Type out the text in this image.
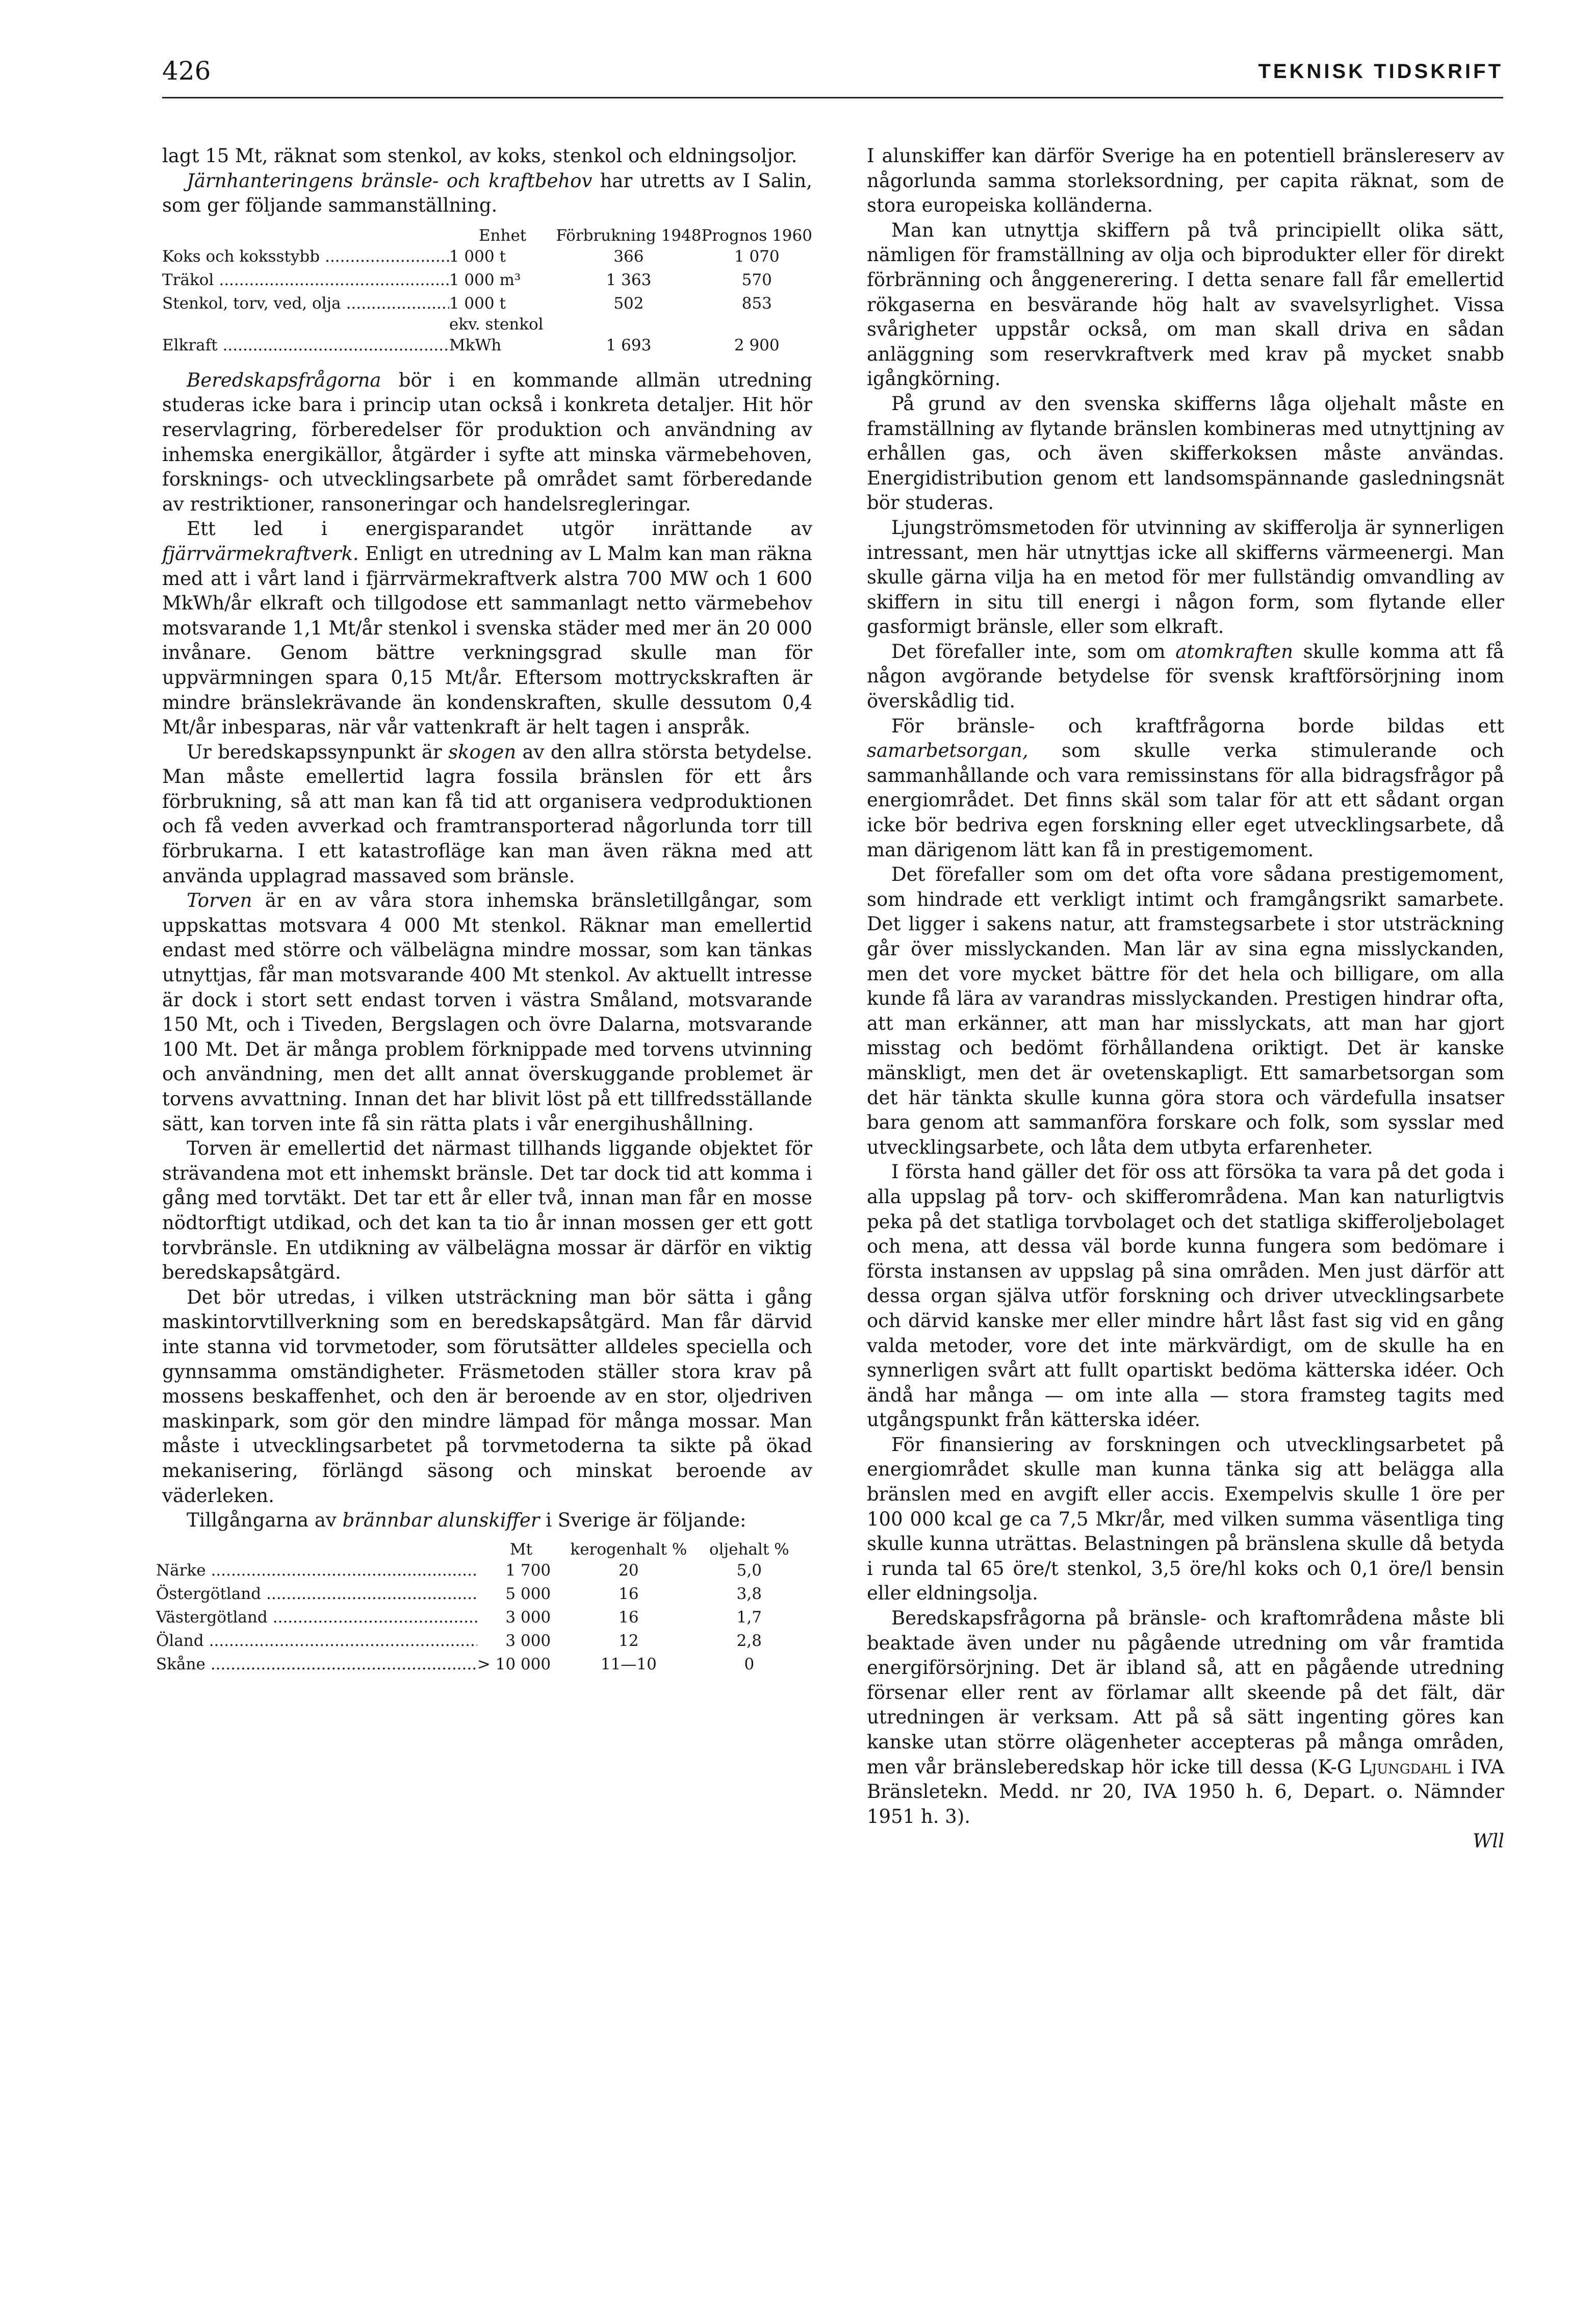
426	TEKNISK TIDSKRIFT

lagt 15 Mt, räknat som stenkol, av koks, stenkol och eldningsoljor.

Järnhanteringens bränsle- och kraftbehov har utretts av I Salin, som ger följande sammanställning.

	Enhet	Förbrukning 1948	Prognos 1960
Koks och koksstybb .....	1 000 t	366	1 070
Träkol .....	1 000 m³	1 363	570
Stenkol, torv, ved, olja .....	1 000 t	502	853
	ekv. stenkol		
Elkraft .....	MkWh	1 693	2 900

Beredskapsfrågorna bör i en kommande allmän utredning studeras icke bara i princip utan också i konkreta detaljer. Hit hör reservlagring, förberedelser för produktion och användning av inhemska energikällor, åtgärder i syfte att minska värmebehoven, forsknings- och utvecklingsarbete på området samt förberedande av restriktioner, ransoneringar och handelsregleringar.

Ett led i energisparandet utgör inrättande av fjärrvärmekraftverk. Enligt en utredning av L Malm kan man räkna med att i vårt land i fjärrvärmekraftverk alstra 700 MW och 1 600 MkWh/år elkraft och tillgodose ett sammanlagt netto värmebehov motsvarande 1,1 Mt/år stenkol i svenska städer med mer än 20 000 invånare. Genom bättre verkningsgrad skulle man för uppvärmningen spara 0,15 Mt/år. Eftersom mottryckskraften är mindre bränslekrävande än kondenskraften, skulle dessutom 0,4 Mt/år inbesparas, när vår vattenkraft är helt tagen i anspråk.

Ur beredskapssynpunkt är skogen av den allra största betydelse. Man måste emellertid lagra fossila bränslen för ett års förbrukning, så att man kan få tid att organisera vedproduktionen och få veden avverkad och framtransporterad någorlunda torr till förbrukarna. I ett katastrofläge kan man även räkna med att använda upplagrad massaved som bränsle.

Torven är en av våra stora inhemska bränsletillgångar, som uppskattas motsvara 4 000 Mt stenkol. Räknar man emellertid endast med större och välbelägna mindre mossar, som kan tänkas utnyttjas, får man motsvarande 400 Mt stenkol. Av aktuellt intresse är dock i stort sett endast torven i västra Småland, motsvarande 150 Mt, och i Tiveden, Bergslagen och övre Dalarna, motsvarande 100 Mt. Det är många problem förknippade med torvens utvinning och användning, men det allt annat överskuggande problemet är torvens avvattning. Innan det har blivit löst på ett tillfredsställande sätt, kan torven inte få sin rätta plats i vår energihushållning.

Torven är emellertid det närmast tillhands liggande objektet för strävandena mot ett inhemskt bränsle. Det tar dock tid att komma i gång med torvtäkt. Det tar ett år eller två, innan man får en mosse nödtorftigt utdikad, och det kan ta tio år innan mossen ger ett gott torvbränsle. En utdikning av välbelägna mossar är därför en viktig beredskapsåtgärd.

Det bör utredas, i vilken utsträckning man bör sätta i gång maskintorvtillverkning som en beredskapsåtgärd. Man får därvid inte stanna vid torvmetoder, som förutsätter alldeles speciella och gynnsamma omständigheter. Fräsmetoden ställer stora krav på mossens beskaffenhet, och den är beroende av en stor, oljedriven maskinpark, som gör den mindre lämpad för många mossar. Man måste i utvecklingsarbetet på torvmetoderna ta sikte på ökad mekanisering, förlängd säsong och minskat beroende av väderleken.

Tillgångarna av brännbar alunskiffer i Sverige är följande:

	Mt	kerogenhalt %	oljehalt %
Närke .....	1 700	20	5,0
Östergötland .....	5 000	16	3,8
Västergötland .....	3 000	16	1,7
Öland .....	3 000	12	2,8
Skåne .....	> 10 000	11—10	0

I alunskiffer kan därför Sverige ha en potentiell bränslereserv av någorlunda samma storleksordning, per capita räknat, som de stora europeiska kolländerna.

Man kan utnyttja skiffern på två principiellt olika sätt, nämligen för framställning av olja och biprodukter eller för direkt förbränning och ånggenerering. I detta senare fall får emellertid rökgaserna en besvärande hög halt av svavelsyrlighet. Vissa svårigheter uppstår också, om man skall driva en sådan anläggning som reservkraftverk med krav på mycket snabb igångkörning.

På grund av den svenska skifferns låga oljehalt måste en framställning av flytande bränslen kombineras med utnyttjning av erhållen gas, och även skifferkoksen måste användas. Energidistribution genom ett landsomspännande gasledningsnät bör studeras.

Ljungströmsmetoden för utvinning av skifferolja är synnerligen intressant, men här utnyttjas icke all skifferns värmeenergi. Man skulle gärna vilja ha en metod för mer fullständig omvandling av skiffern in situ till energi i någon form, som flytande eller gasformigt bränsle, eller som elkraft.

Det förefaller inte, som om atomkraften skulle komma att få någon avgörande betydelse för svensk kraftförsörjning inom överskådlig tid.

För bränsle- och kraftfrågorna borde bildas ett samarbetsorgan, som skulle verka stimulerande och sammanhållande och vara remissinstans för alla bidragsfrågor på energiområdet. Det finns skäl som talar för att ett sådant organ icke bör bedriva egen forskning eller eget utvecklingsarbete, då man därigenom lätt kan få in prestigemoment.

Det förefaller som om det ofta vore sådana prestigemoment, som hindrade ett verkligt intimt och framgångsrikt samarbete. Det ligger i sakens natur, att framstegsarbete i stor utsträckning går över misslyckanden. Man lär av sina egna misslyckanden, men det vore mycket bättre för det hela och billigare, om alla kunde få lära av varandras misslyckanden. Prestigen hindrar ofta, att man erkänner, att man har misslyckats, att man har gjort misstag och bedömt förhållandena oriktigt. Det är kanske mänskligt, men det är ovetenskapligt. Ett samarbetsorgan som det här tänkta skulle kunna göra stora och värdefulla insatser bara genom att sammanföra forskare och folk, som sysslar med utvecklingsarbete, och låta dem utbyta erfarenheter.

I första hand gäller det för oss att försöka ta vara på det goda i alla uppslag på torv- och skifferområdena. Man kan naturligtvis peka på det statliga torvbolaget och det statliga skifferoljebolaget och mena, att dessa väl borde kunna fungera som bedömare i första instansen av uppslag på sina områden. Men just därför att dessa organ själva utför forskning och driver utvecklingsarbete och därvid kanske mer eller mindre hårt låst fast sig vid en gång valda metoder, vore det inte märkvärdigt, om de skulle ha en synnerligen svårt att fullt opartiskt bedöma kätterska idéer. Och ändå har många — om inte alla — stora framsteg tagits med utgångspunkt från kätterska idéer.

För finansiering av forskningen och utvecklingsarbetet på energiområdet skulle man kunna tänka sig att belägga alla bränslen med en avgift eller accis. Exempelvis skulle 1 öre per 100 000 kcal ge ca 7,5 Mkr/år, med vilken summa väsentliga ting skulle kunna uträttas. Belastningen på bränslena skulle då betyda i runda tal 65 öre/t stenkol, 3,5 öre/hl koks och 0,1 öre/l bensin eller eldningsolja.

Beredskapsfrågorna på bränsle- och kraftområdena måste bli beaktade även under nu pågående utredning om vår framtida energiförsörjning. Det är ibland så, att en pågående utredning försenar eller rent av förlamar allt skeende på det fält, där utredningen är verksam. Att på så sätt ingenting göres kan kanske utan större olägenheter accepteras på många områden, men vår bränsleberedskap hör icke till dessa (K-G Ljungdahl i IVA Bränsletekn. Medd. nr 20, IVA 1950 h. 6, Depart. o. Nämnder 1951 h. 3).

Wll
